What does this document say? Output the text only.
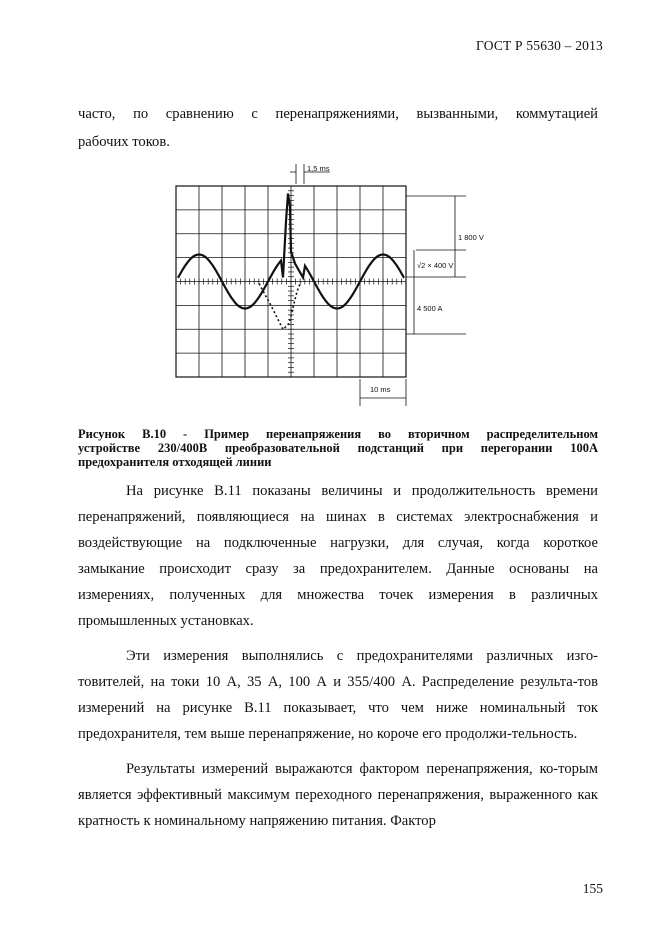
ГОСТ Р 55630 – 2013
часто, по сравнению с перенапряжениями, вызванными, коммутацией
рабочих токов.
1,5 ms
1 800 V
√2 × 400 V
4 500 A
10 ms
Рисунок В.10 - Пример перенапряжения во вторичном распределительном
устройстве 230/400В преобразовательной подстанций при перегорании 100А
предохранителя отходящей линии

На рисунке В.11 показаны величины и продолжительность времени перенапряжений, появляющиеся на шинах в системах электроснабжения и воздействующие на подключенные нагрузки, для случая, когда короткое замыкание происходит сразу за предохранителем. Данные основаны на измерениях, полученных для множества точек измерения в различных промышленных установках.

Эти измерения выполнялись с предохранителями различных изго-товителей, на токи 10 А, 35 А, 100 А и 355/400 А. Распределение результа-тов измерений на рисунке В.11 показывает, что чем ниже номинальный ток предохранителя, тем выше перенапряжение, но короче его продолжи-тельность.

Результаты измерений выражаются фактором перенапряжения, ко-торым является эффективный максимум переходного перенапряжения, выраженного как кратность к номинальному напряжению питания. Фактор

155
